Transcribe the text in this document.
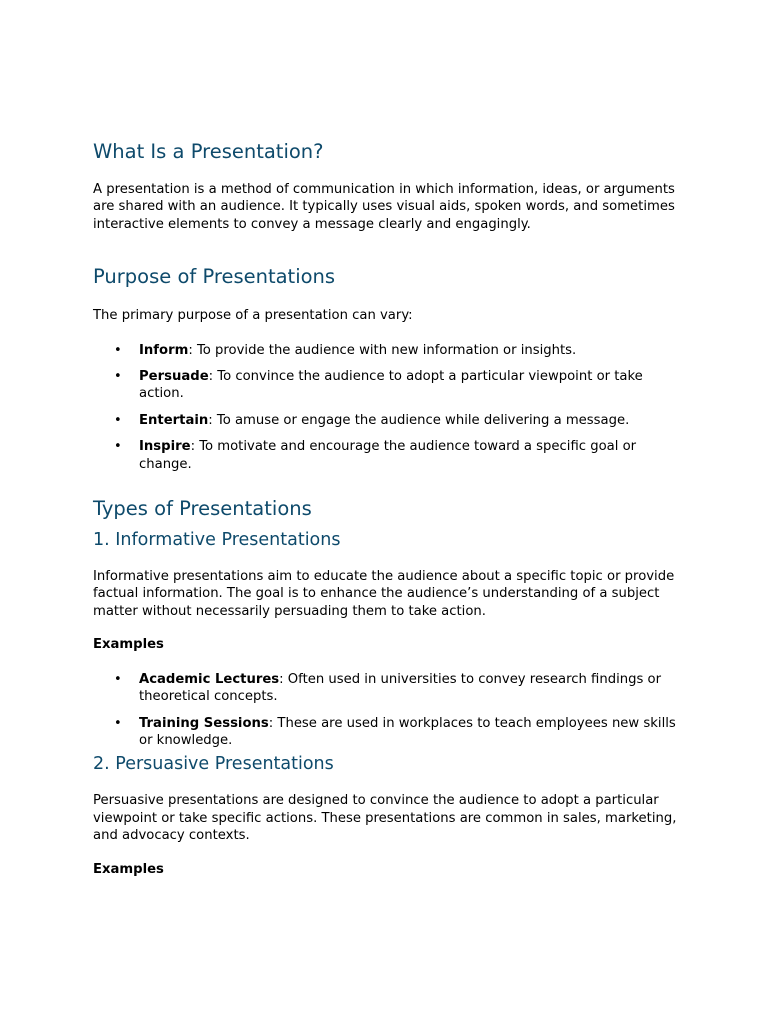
What Is a Presentation?

A presentation is a method of communication in which information, ideas, or arguments are shared with an audience. It typically uses visual aids, spoken words, and sometimes interactive elements to convey a message clearly and engagingly.

Purpose of Presentations

The primary purpose of a presentation can vary:

• Inform: To provide the audience with new information or insights.
• Persuade: To convince the audience to adopt a particular viewpoint or take action.
• Entertain: To amuse or engage the audience while delivering a message.
• Inspire: To motivate and encourage the audience toward a specific goal or change.
Types of Presentations
1. Informative Presentations

Informative presentations aim to educate the audience about a specific topic or provide factual information. The goal is to enhance the audience’s understanding of a subject matter without necessarily persuading them to take action.

Examples

• Academic Lectures: Often used in universities to convey research findings or theoretical concepts.
• Training Sessions: These are used in workplaces to teach employees new skills or knowledge.
2. Persuasive Presentations

Persuasive presentations are designed to convince the audience to adopt a particular viewpoint or take specific actions. These presentations are common in sales, marketing, and advocacy contexts.

Examples
